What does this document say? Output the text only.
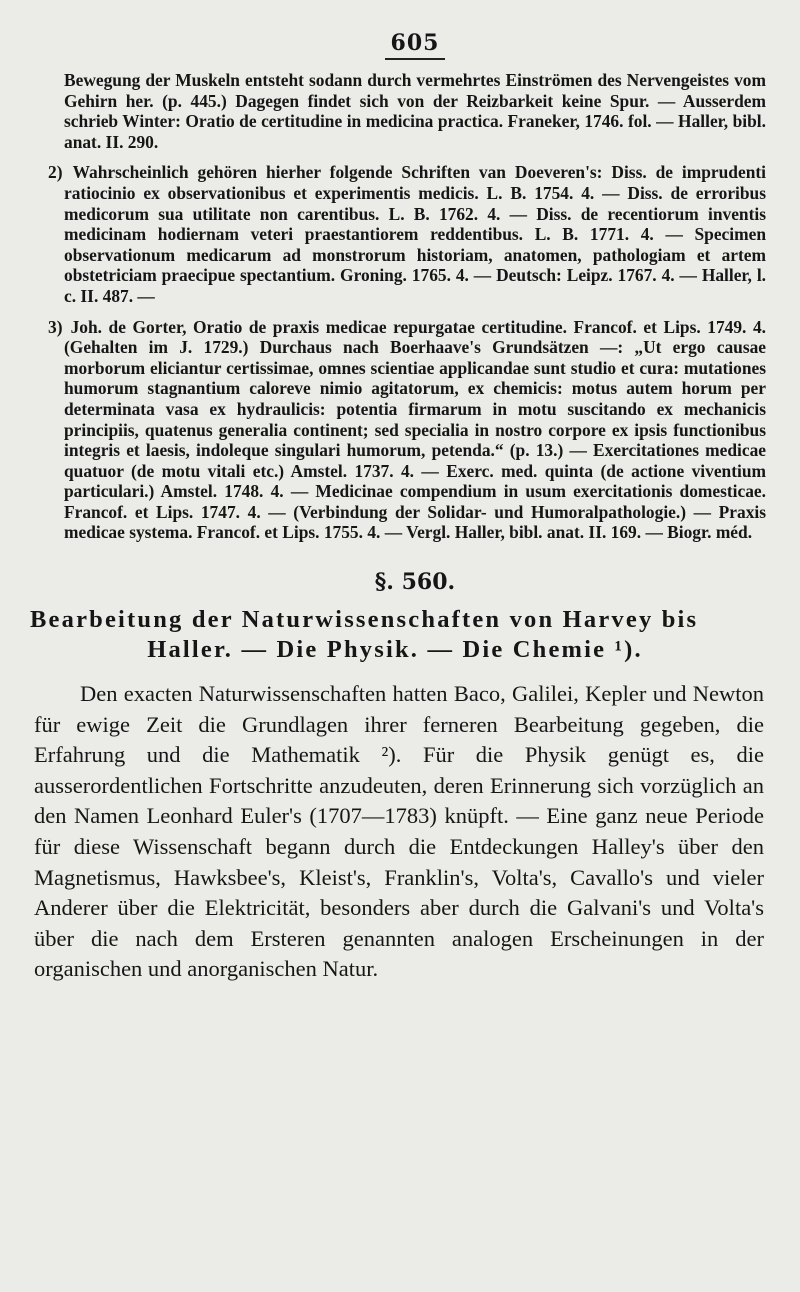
605
Bewegung der Muskeln entsteht sodann durch vermehrtes Einströmen des Nervengeistes vom Gehirn her. (p. 445.) Dagegen findet sich von der Reizbarkeit keine Spur. — Ausserdem schrieb Winter: Oratio de certitudine in medicina practica. Franeker, 1746. fol. — Haller, bibl. anat. II. 290.
2) Wahrscheinlich gehören hierher folgende Schriften van Doeveren's: Diss. de imprudenti ratiocinio ex observationibus et experimentis medicis. L. B. 1754. 4. — Diss. de erroribus medicorum sua utilitate non carentibus. L. B. 1762. 4. — Diss. de recentiorum inventis medicinam hodiernam veteri praestantiorem reddentibus. L. B. 1771. 4. — Specimen observationum medicarum ad monstrorum historiam, anatomen, pathologiam et artem obstetriciam praecipue spectantium. Groning. 1765. 4. — Deutsch: Leipz. 1767. 4. — Haller, l. c. II. 487. —
3) Joh. de Gorter, Oratio de praxis medicae repurgatae certitudine. Francof. et Lips. 1749. 4. (Gehalten im J. 1729.) Durchaus nach Boerhaave's Grundsätzen —: „Ut ergo causae morborum eliciantur certissimae, omnes scientiae applicandae sunt studio et cura: mutationes humorum stagnantium caloreve nimio agitatorum, ex chemicis: motus autem horum per determinata vasa ex hydraulicis: potentia firmarum in motu suscitando ex mechanicis principiis, quatenus generalia continent; sed specialia in nostro corpore ex ipsis functionibus integris et laesis, indoleque singulari humorum, petenda.“ (p. 13.) — Exercitationes medicae quatuor (de motu vitali etc.) Amstel. 1737. 4. — Exerc. med. quinta (de actione viventium particulari.) Amstel. 1748. 4. — Medicinae compendium in usum exercitationis domesticae. Francof. et Lips. 1747. 4. — (Verbindung der Solidar- und Humoralpathologie.) — Praxis medicae systema. Francof. et Lips. 1755. 4. — Vergl. Haller, bibl. anat. II. 169. — Biogr. méd.
§. 560.
Bearbeitung der Naturwissenschaften von Harvey bis
Haller. — Die Physik. — Die Chemie ¹).

Den exacten Naturwissenschaften hatten Baco, Galilei, Kepler und Newton für ewige Zeit die Grundlagen ihrer ferneren Bearbeitung gegeben, die Erfahrung und die Mathematik ²). Für die Physik genügt es, die ausserordentlichen Fortschritte anzudeuten, deren Erinnerung sich vorzüglich an den Namen Leonhard Euler's (1707—1783) knüpft. — Eine ganz neue Periode für diese Wissenschaft begann durch die Entdeckungen Halley's über den Magnetismus, Hawksbee's, Kleist's, Franklin's, Volta's, Cavallo's und vieler Anderer über die Elektricität, besonders aber durch die Galvani's und Volta's über die nach dem Ersteren genannten analogen Erscheinungen in der organischen und anorganischen Natur.
